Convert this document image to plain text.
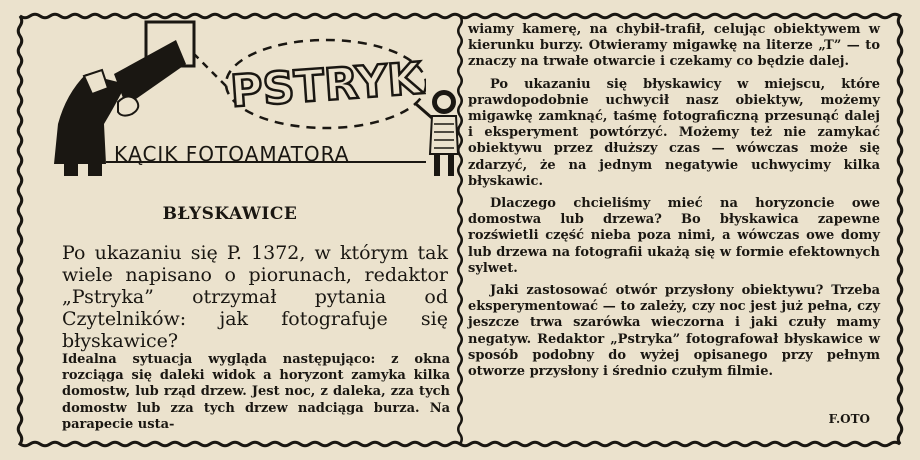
PSTRYK
KĄCIK FOTOAMATORA
BŁYSKAWICE

Po ukazaniu się P. 1372, w którym tak wiele napisano o piorunach, redaktor „Pstryka” otrzymał pytania od Czytelników: jak fotografuje się błyskawice?

Idealna sytuacja wygląda następująco: z okna rozciąga się daleki widok a horyzont zamyka kilka domostw, lub rząd drzew. Jest noc, z daleka, zza tych domostw lub zza tych drzew nadciąga burza. Na parapecie usta-

wiamy kamerę, na chybił-trafił, celując obiektywem w kierunku burzy. Otwieramy migawkę na literze „T” — to znaczy na trwałe otwarcie i czekamy co będzie dalej.

Po ukazaniu się błyskawicy w miejscu, które prawdopodobnie uchwycił nasz obiektyw, możemy migawkę zamknąć, taśmę fotograficzną przesunąć dalej i eksperyment powtórzyć. Możemy też nie zamykać obiektywu przez dłuższy czas — wówczas może się zdarzyć, że na jednym negatywie uchwycimy kilka błyskawic.

Dlaczego chcieliśmy mieć na horyzoncie owe domostwa lub drzewa? Bo błyskawica zapewne rozświetli część nieba poza nimi, a wówczas owe domy lub drzewa na fotografii ukażą się w formie efektownych sylwet.

Jaki zastosować otwór przysłony obiektywu? Trzeba eksperymentować — to zależy, czy noc jest już pełna, czy jeszcze trwa szarówka wieczorna i jaki czuły mamy negatyw. Redaktor „Pstryka” fotografował błyskawice w sposób podobny do wyżej opisanego przy pełnym otworze przysłony i średnio czułym filmie.

F.OTO
